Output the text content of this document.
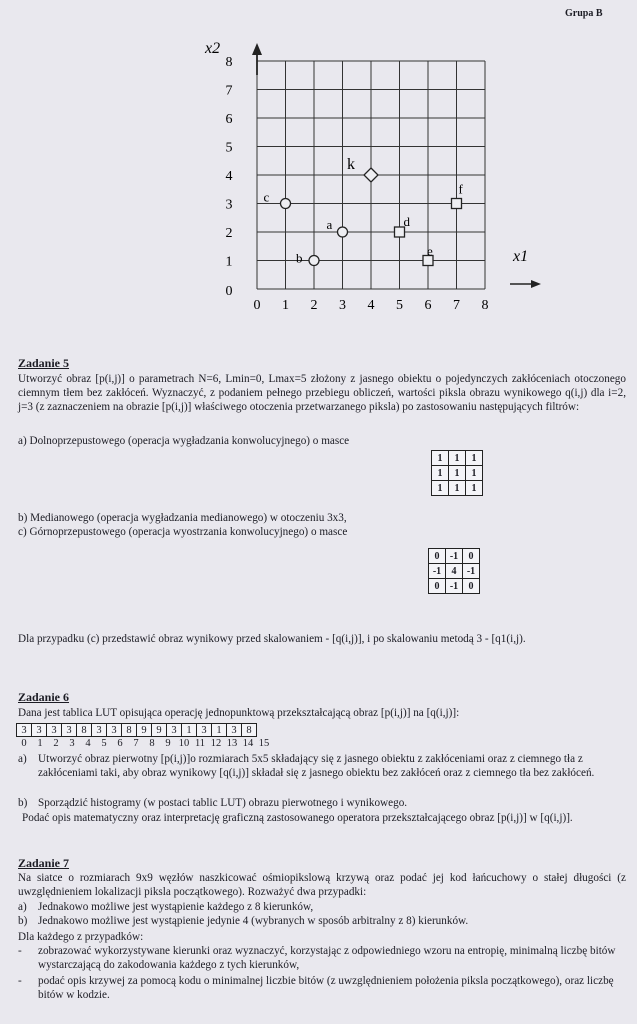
Grupa B
0 1 2 3 4 5 6 7 8
0
1
2
3
4
5
6
7
8
a
b
c
d
e
f
k
x2
x1
Zadanie 5
Utworzyć obraz [p(i,j)] o parametrach N=6, Lmin=0, Lmax=5 złożony z jasnego obiektu o pojedynczych zakłóceniach otoczonego ciemnym tłem bez zakłóceń. Wyznaczyć, z podaniem pełnego przebiegu obliczeń, wartości piksla obrazu wynikowego q(i,j) dla i=2, j=3 (z zaznaczeniem na obrazie [p(i,j)] właściwego otoczenia przetwarzanego piksla) po zastosowaniu następujących filtrów:
a) Dolnoprzepustowego (operacja wygładzania konwolucyjnego) o masce
1	1	1
1	1	1
1	1	1
b) Medianowego (operacja wygładzania medianowego) w otoczeniu 3x3,
c) Górnoprzepustowego (operacja wyostrzania konwolucyjnego) o masce
0	-1	0
-1	4	-1
0	-1	0
Dla przypadku (c) przedstawić obraz wynikowy przed skalowaniem - [q(i,j)], i po skalowaniu metodą 3 - [q1(i,j).
Zadanie 6
Dana jest tablica LUT opisująca operację jednopunktową przekształcającą obraz [p(i,j)] na [q(i,j)]:
3	3	3	3	8	3	3	8	9	9	3	1	3	1	3	8
0	1	2	3	4	5	6	7	8	9 10 11 12 13 14 15
a)	Utworzyć obraz pierwotny [p(i,j)]o rozmiarach 5x5 składający się z jasnego obiektu z zakłóceniami oraz z ciemnego tła z zakłóceniami taki, aby obraz wynikowy [q(i,j)] składał się z jasnego obiektu bez zakłóceń oraz z ciemnego tła bez zakłóceń.
b) Sporządzić histogramy (w postaci tablic LUT) obrazu pierwotnego i wynikowego.
Podać opis matematyczny oraz interpretację graficzną zastosowanego operatora przekształcającego obraz [p(i,j)] w [q(i,j)].
Zadanie 7
Na siatce o rozmiarach 9x9 węzłów naszkicować ośmiopikslową krzywą oraz podać jej kod łańcuchowy o stałej długości (z uwzględnieniem lokalizacji piksla początkowego). Rozważyć dwa przypadki:
a)	Jednakowo możliwe jest wystąpienie każdego z 8 kierunków,
b) Jednakowo możliwe jest wystąpienie jedynie 4 (wybranych w sposób arbitralny z 8) kierunków.
Dla każdego z przypadków:
-	zobrazować wykorzystywane kierunki oraz wyznaczyć, korzystając z odpowiedniego wzoru na entropię, minimalną liczbę bitów wystarczającą do zakodowania każdego z tych kierunków,
-	podać opis krzywej za pomocą kodu o minimalnej liczbie bitów (z uwzględnieniem położenia piksla początkowego), oraz liczbę bitów w kodzie.
